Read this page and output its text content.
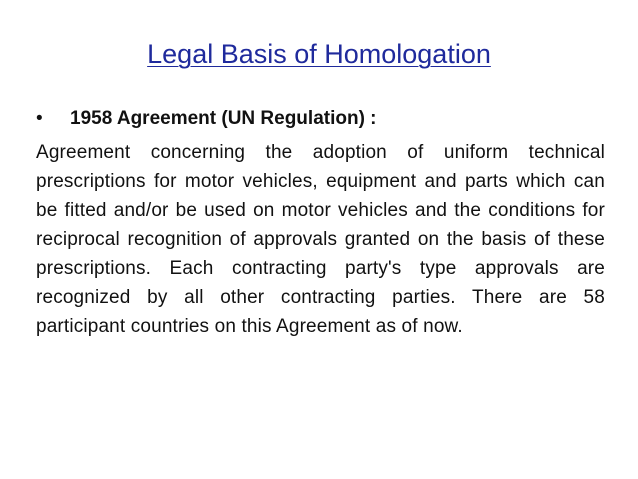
Legal Basis of Homologation
• 1958 Agreement (UN Regulation) :
Agreement concerning the adoption of uniform technical prescriptions for motor vehicles, equipment and parts which can be fitted and/or be used on motor vehicles and the conditions for reciprocal recognition of approvals granted on the basis of these prescriptions. Each contracting party's type approvals are recognized by all other contracting parties. There are 58 participant countries on this Agreement as of now.
